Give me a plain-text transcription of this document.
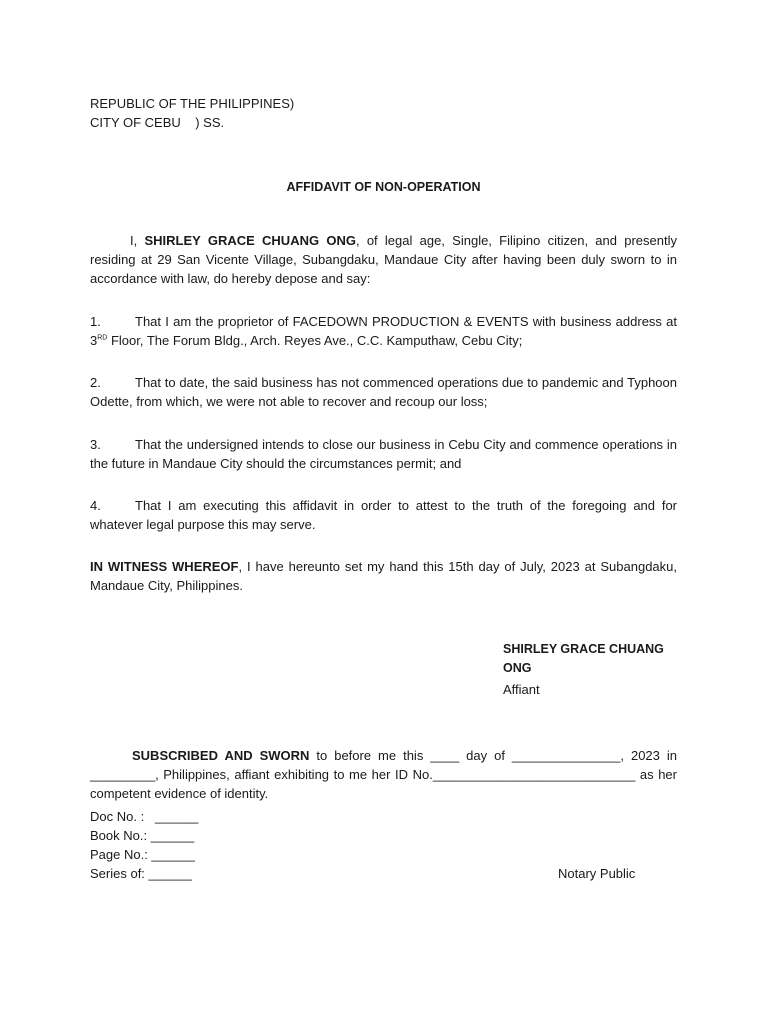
REPUBLIC OF THE PHILIPPINES)
CITY OF CEBU    ) SS.
AFFIDAVIT OF NON-OPERATION
I, SHIRLEY GRACE CHUANG ONG, of legal age, Single, Filipino citizen, and presently residing at 29 San Vicente Village, Subangdaku, Mandaue City after having been duly sworn to in accordance with law, do hereby depose and say:
1.	That I am the proprietor of FACEDOWN PRODUCTION & EVENTS with business address at 3RD Floor, The Forum Bldg., Arch. Reyes Ave., C.C. Kamputhaw, Cebu City;
2.	That to date, the said business has not commenced operations due to pandemic and Typhoon Odette, from which, we were not able to recover and recoup our loss;
3.	That the undersigned intends to close our business in Cebu City and commence operations in the future in Mandaue City should the circumstances permit; and
4.	That I am executing this affidavit in order to attest to the truth of the foregoing and for whatever legal purpose this may serve.
IN WITNESS WHEREOF, I have hereunto set my hand this 15th day of July, 2023 at Subangdaku, Mandaue City, Philippines.
SHIRLEY GRACE CHUANG ONG
Affiant
SUBSCRIBED AND SWORN to before me this ____ day of _______________, 2023 in _________, Philippines, affiant exhibiting to me her ID No.____________________________ as her competent evidence of identity.
Doc No. :   ______
Book No.: ______
Page No.: ______
Series of: ______	Notary Public
